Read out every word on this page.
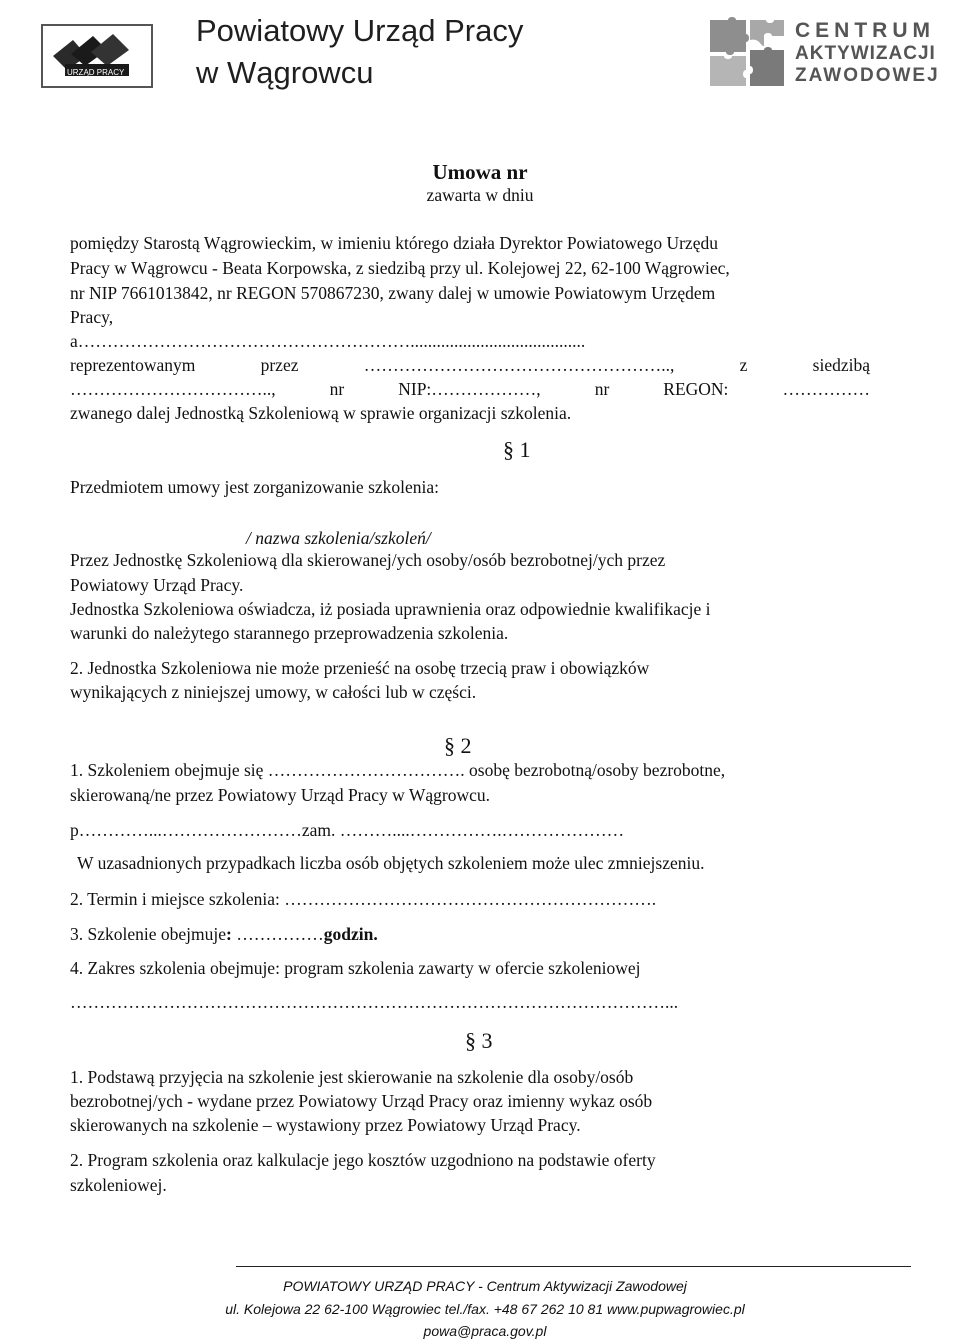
URZĄD PRACY
Powiatowy Urząd Pracy
w Wągrowcu
CENTRUM
AKTYWIZACJI
ZAWODOWEJ
Umowa nr
zawarta w dniu
pomiędzy Starostą Wągrowieckim, w imieniu którego działa Dyrektor Powiatowego Urzędu
Pracy w Wągrowcu - Beata Korpowska, z siedzibą przy ul. Kolejowej 22, 62-100 Wągrowiec,
nr NIP 7661013842, nr REGON 570867230, zwany dalej w umowie Powiatowym Urzędem
Pracy,
a…………………………………………………........................................
reprezentowanym	przez	……………………………………………..,	z	siedzibą
……………………………..,	nr	NIP:………………,	nr	REGON:	……………
zwanego dalej Jednostką Szkoleniową w sprawie organizacji szkolenia.
§ 1
Przedmiotem umowy jest zorganizowanie szkolenia:
/ nazwa szkolenia/szkoleń/
Przez Jednostkę Szkoleniową dla skierowanej/ych osoby/osób bezrobotnej/ych przez
Powiatowy Urząd Pracy.
Jednostka Szkoleniowa oświadcza, iż posiada uprawnienia oraz odpowiednie kwalifikacje i
warunki do należytego starannego przeprowadzenia szkolenia.
2. Jednostka Szkoleniowa nie może przenieść na osobę trzecią praw i obowiązków
wynikających z niniejszej umowy, w całości lub w części.
§ 2
1. Szkoleniem obejmuje się ……………………………. osobę bezrobotną/osoby bezrobotne,
skierowaną/ne przez Powiatowy Urząd Pracy w Wągrowcu.
p…………...……………………zam. ………....…………….…………………
W uzasadnionych przypadkach liczba osób objętych szkoleniem może ulec zmniejszeniu.
2. Termin i miejsce szkolenia: ……………………………………………………….
3. Szkolenie obejmuje: ……………godzin.
4. Zakres szkolenia obejmuje: program szkolenia zawarty w ofercie szkoleniowej
…………………………………………………………………………………………...
§ 3
1. Podstawą przyjęcia na szkolenie jest skierowanie na szkolenie dla osoby/osób
bezrobotnej/ych - wydane przez Powiatowy Urząd Pracy oraz imienny wykaz osób
skierowanych na szkolenie – wystawiony przez Powiatowy Urząd Pracy.
2. Program szkolenia oraz kalkulacje jego kosztów uzgodniono na podstawie oferty
szkoleniowej.
POWIATOWY URZĄD PRACY - Centrum Aktywizacji Zawodowej
ul. Kolejowa 22 62-100 Wągrowiec tel./fax. +48 67 262 10 81 www.pupwagrowiec.pl
powa@praca.gov.pl
